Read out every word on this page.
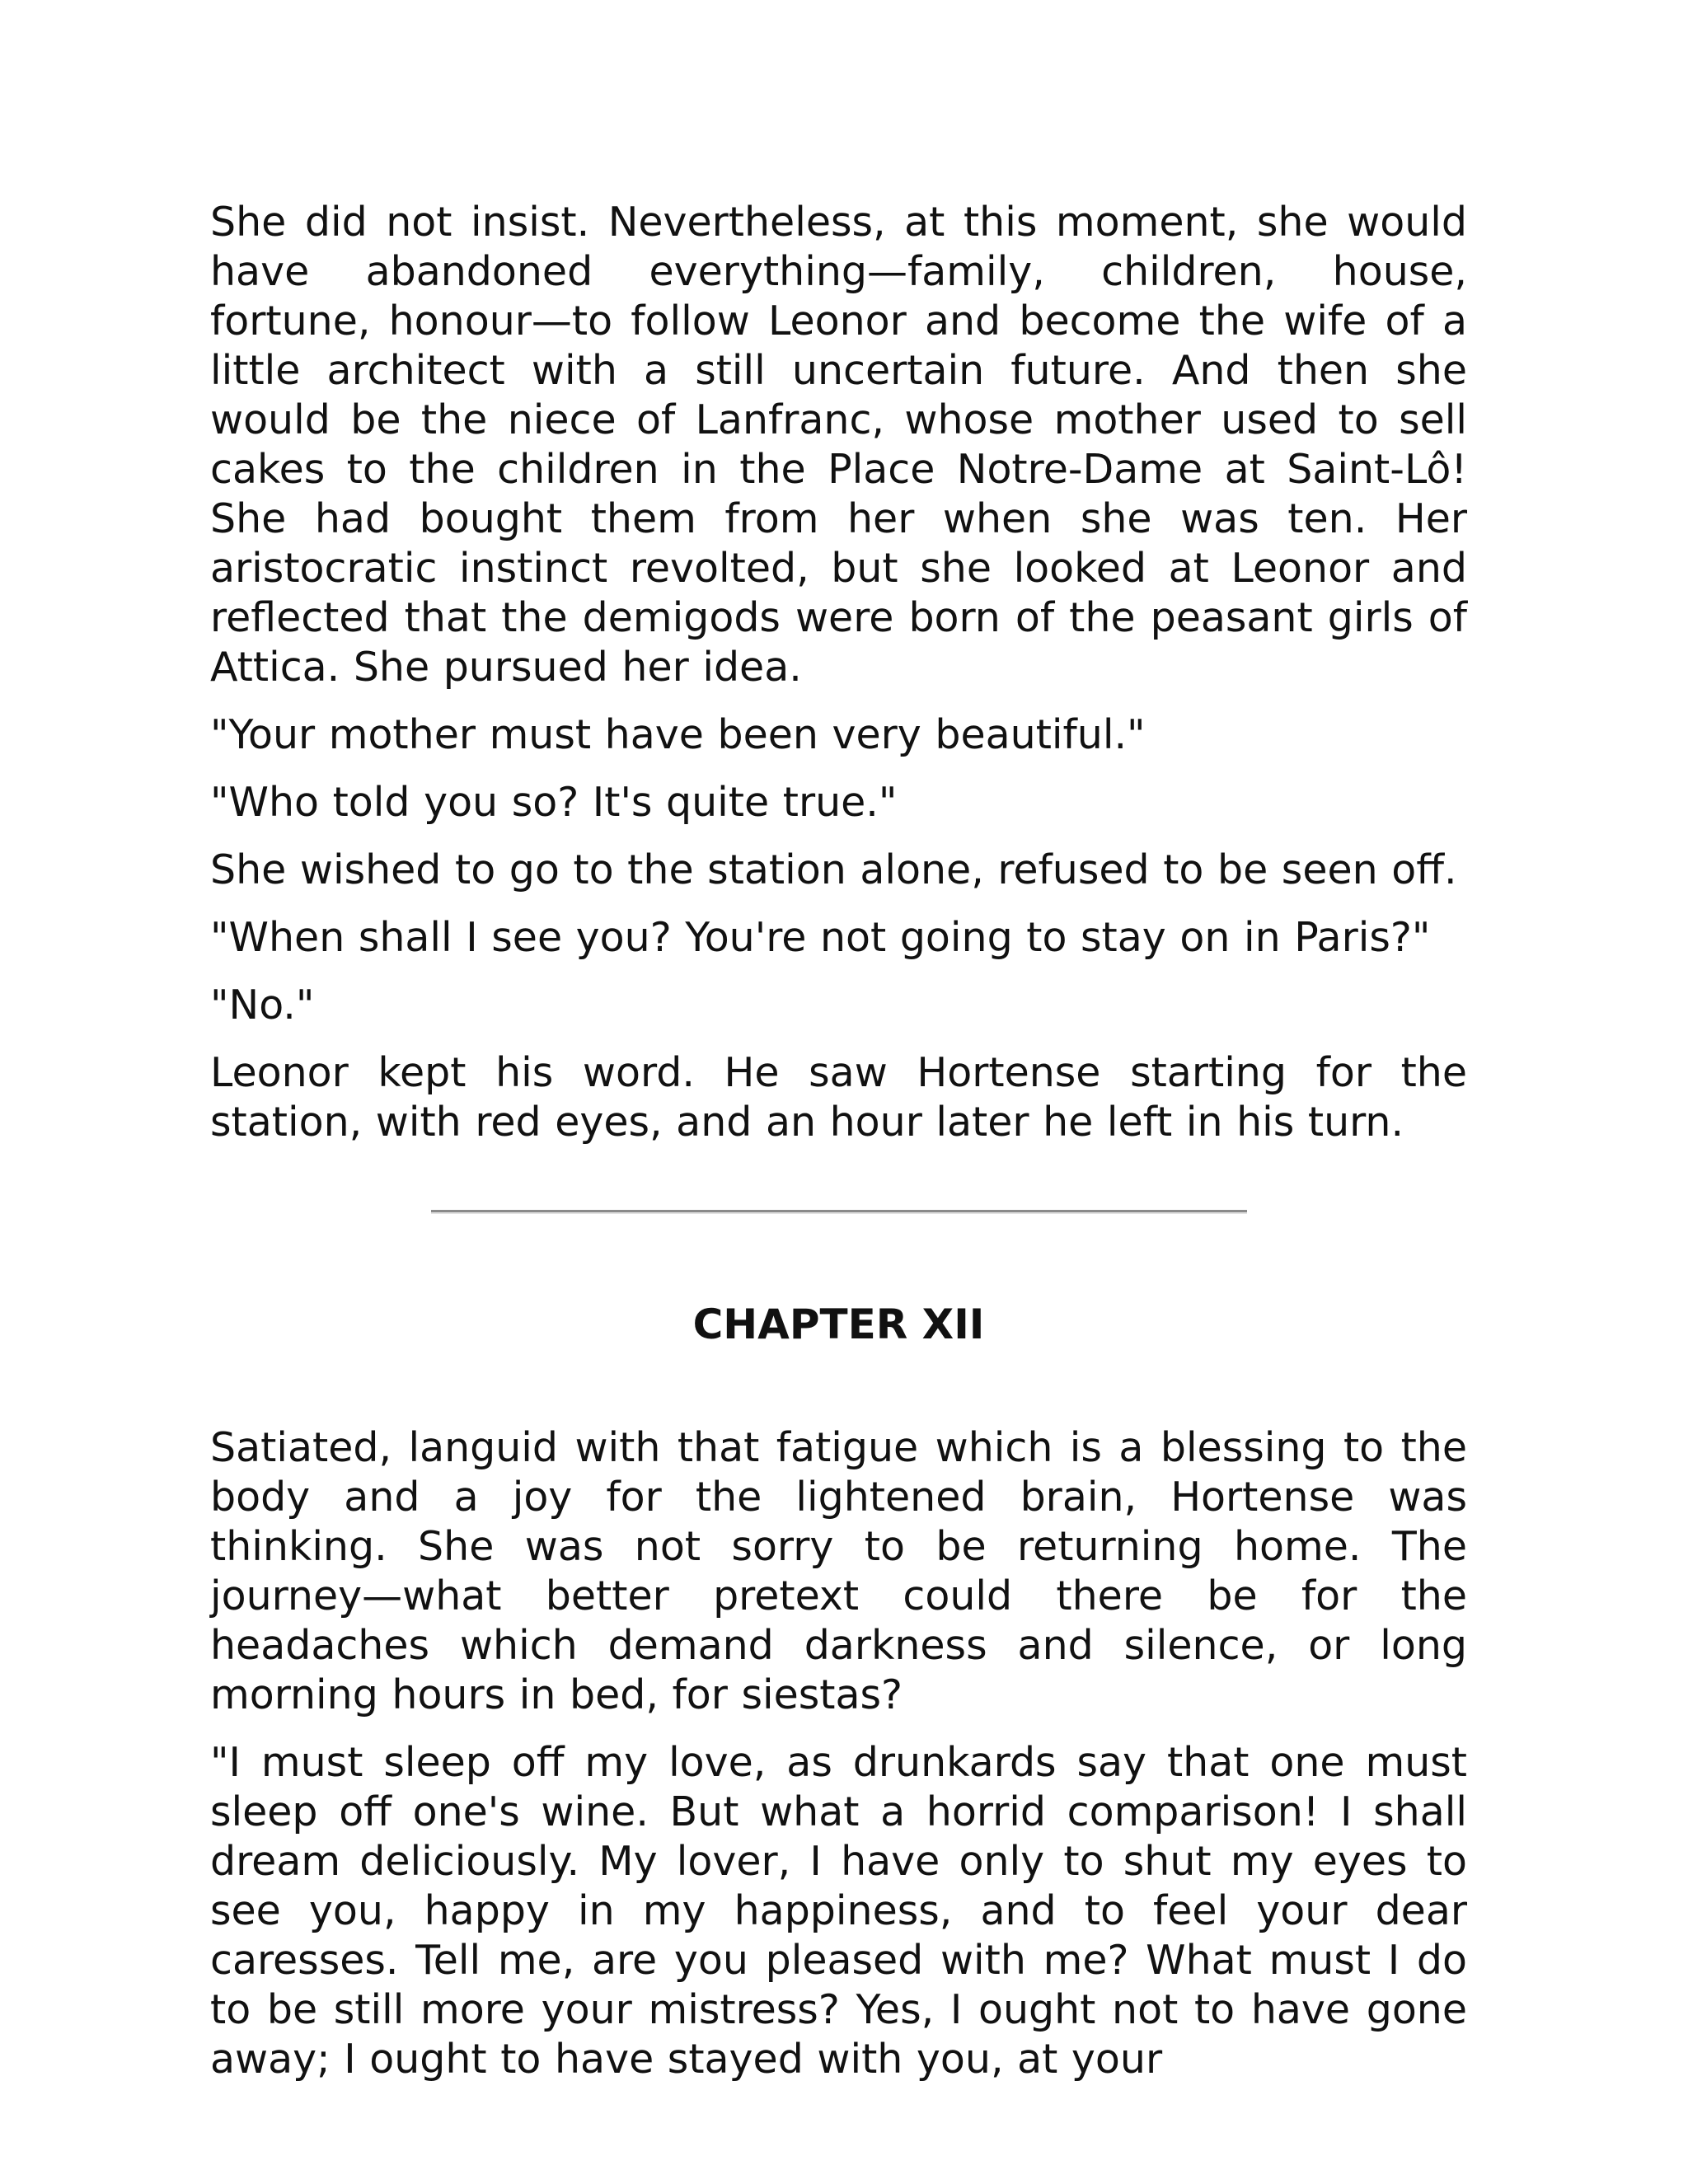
She did not insist. Nevertheless, at this moment, she would have abandoned everything—family, children, house, fortune, honour—to follow Leonor and become the wife of a little architect with a still uncertain future. And then she would be the niece of Lanfranc, whose mother used to sell cakes to the children in the Place Notre-Dame at Saint-Lô! She had bought them from her when she was ten. Her aristocratic instinct revolted, but she looked at Leonor and reflected that the demigods were born of the peasant girls of Attica. She pursued her idea.

"Your mother must have been very beautiful."

"Who told you so? It's quite true."

She wished to go to the station alone, refused to be seen off.

"When shall I see you? You're not going to stay on in Paris?"

"No."

Leonor kept his word. He saw Hortense starting for the station, with red eyes, and an hour later he left in his turn.

CHAPTER XII

Satiated, languid with that fatigue which is a blessing to the body and a joy for the lightened brain, Hortense was thinking. She was not sorry to be returning home. The journey—what better pretext could there be for the headaches which demand darkness and silence, or long morning hours in bed, for siestas?

"I must sleep off my love, as drunkards say that one must sleep off one's wine. But what a horrid comparison! I shall dream deliciously. My lover, I have only to shut my eyes to see you, happy in my happiness, and to feel your dear caresses. Tell me, are you pleased with me? What must I do to be still more your mistress? Yes, I ought not to have gone away; I ought to have stayed with you, at your
